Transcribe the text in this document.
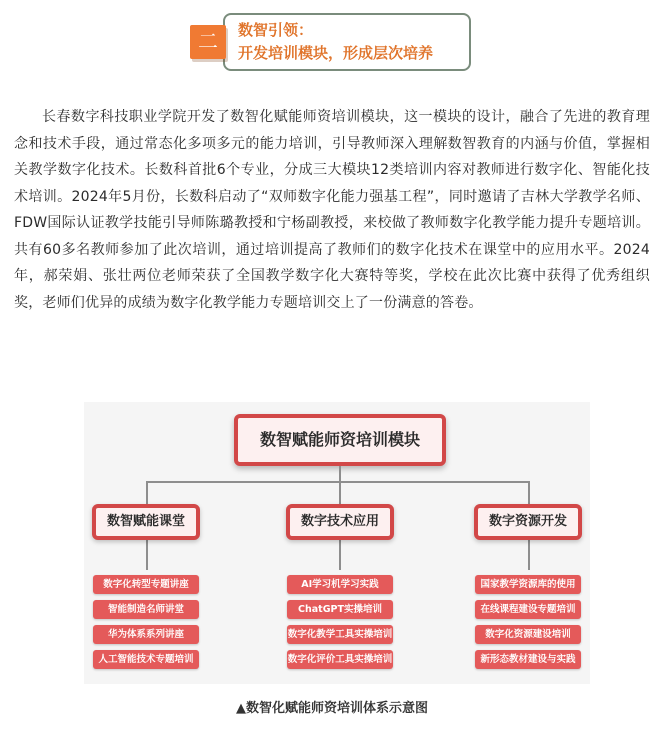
二	数智引领：
开发培训模块，形成层次培养

长春数字科技职业学院开发了数智化赋能师资培训模块，这一模块的设计，融合了先进的教育理念和技术手段，通过常态化多项多元的能力培训，引导教师深入理解数智教育的内涵与价值，掌握相关教学数字化技术。长数科首批6个专业，分成三大模块12类培训内容对教师进行数字化、智能化技术培训。2024年5月份，长数科启动了“双师数字化能力强基工程”，同时邀请了吉林大学教学名师、FDW国际认证教学技能引导师陈璐教授和宁杨副教授，来校做了教师数字化教学能力提升专题培训。共有60多名教师参加了此次培训，通过培训提高了教师们的数字化技术在课堂中的应用水平。2024年，郝荣娟、张壮两位老师荣获了全国教学数字化大赛特等奖，学校在此次比赛中获得了优秀组织奖，老师们优异的成绩为数字化教学能力专题培训交上了一份满意的答卷。

数智赋能师资培训模块
数智赋能课堂	数字技术应用	数字资源开发
数字化转型专题讲座
智能制造名师讲堂
华为体系系列讲座
人工智能技术专题培训
AI学习机学习实践
ChatGPT实操培训
数字化教学工具实操培训
数字化评价工具实操培训
国家教学资源库的使用
在线课程建设专题培训
数字化资源建设培训
新形态教材建设与实践
▲数智化赋能师资培训体系示意图
